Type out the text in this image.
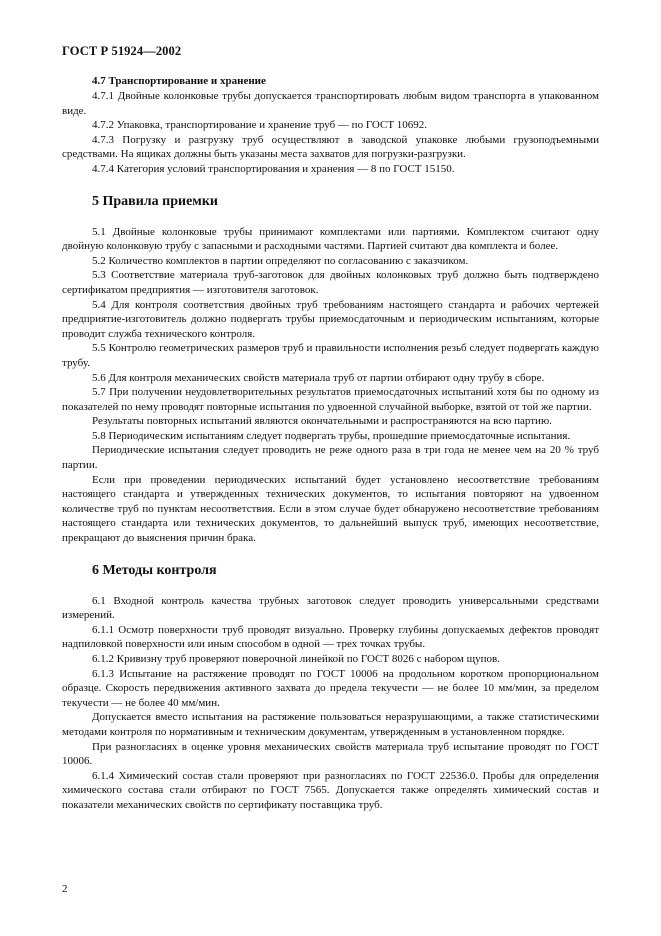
ГОСТ Р 51924—2002
4.7 Транспортирование и хранение

4.7.1 Двойные колонковые трубы допускается транспортировать любым видом транспорта в упакованном виде.

4.7.2 Упаковка, транспортирование и хранение труб — по ГОСТ 10692.

4.7.3 Погрузку и разгрузку труб осуществляют в заводской упаковке любыми грузоподъемными средствами. На ящиках должны быть указаны места захватов для погрузки-разгрузки.

4.7.4 Категория условий транспортирования и хранения — 8 по ГОСТ 15150.

5 Правила приемки

5.1 Двойные колонковые трубы принимают комплектами или партиями. Комплектом считают одну двойную колонковую трубу с запасными и расходными частями. Партией считают два комплекта и более.

5.2 Количество комплектов в партии определяют по согласованию с заказчиком.

5.3 Соответствие материала труб-заготовок для двойных колонковых труб должно быть подтверждено сертификатом предприятия — изготовителя заготовок.

5.4 Для контроля соответствия двойных труб требованиям настоящего стандарта и рабочих чертежей предприятие-изготовитель должно подвергать трубы приемосдаточным и периодическим испытаниям, которые проводит служба технического контроля.

5.5 Контролю геометрических размеров труб и правильности исполнения резьб следует подвергать каждую трубу.

5.6 Для контроля механических свойств материала труб от партии отбирают одну трубу в сборе.

5.7 При получении неудовлетворительных результатов приемосдаточных испытаний хотя бы по одному из показателей по нему проводят повторные испытания по удвоенной случайной выборке, взятой от той же партии.

Результаты повторных испытаний являются окончательными и распространяются на всю партию.

5.8 Периодическим испытаниям следует подвергать трубы, прошедшие приемосдаточные испытания.

Периодические испытания следует проводить не реже одного раза в три года не менее чем на 20 % труб партии.

Если при проведении периодических испытаний будет установлено несоответствие требованиям настоящего стандарта и утвержденных технических документов, то испытания повторяют на удвоенном количестве труб по пунктам несоответствия. Если в этом случае будет обнаружено несоответствие требованиям настоящего стандарта или технических документов, то дальнейший выпуск труб, имеющих несоответствие, прекращают до выяснения причин брака.

6 Методы контроля

6.1 Входной контроль качества трубных заготовок следует проводить универсальными средствами измерений.

6.1.1 Осмотр поверхности труб проводят визуально. Проверку глубины допускаемых дефектов проводят надпиловкой поверхности или иным способом в одной — трех точках трубы.

6.1.2 Кривизну труб проверяют поверочной линейкой по ГОСТ 8026 с набором щупов.

6.1.3 Испытание на растяжение проводят по ГОСТ 10006 на продольном коротком пропорциональном образце. Скорость передвижения активного захвата до предела текучести — не более 10 мм/мин, за пределом текучести — не более 40 мм/мин.

Допускается вместо испытания на растяжение пользоваться неразрушающими, а также статистическими методами контроля по нормативным и техническим документам, утвержденным в установленном порядке.

При разногласиях в оценке уровня механических свойств материала труб испытание проводят по ГОСТ 10006.

6.1.4 Химический состав стали проверяют при разногласиях по ГОСТ 22536.0. Пробы для определения химического состава стали отбирают по ГОСТ 7565. Допускается также определять химический состав и показатели механических свойств по сертификату поставщика труб.

2
